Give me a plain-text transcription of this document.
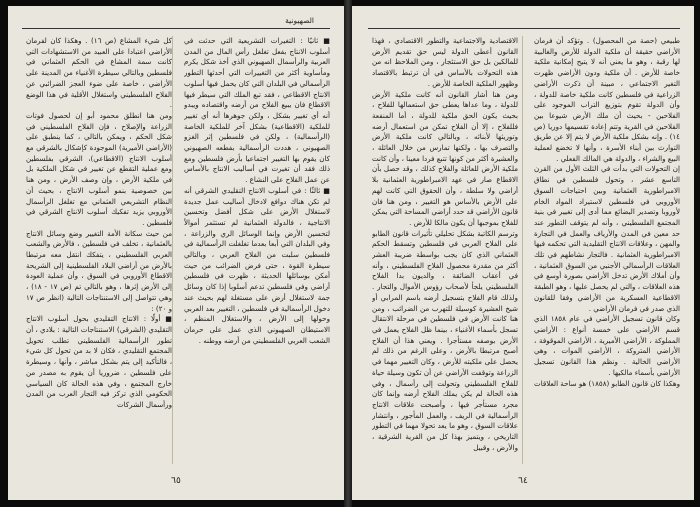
الصهيونية

■ ثانيًا : التغيرات التشريعية التي حدثت في أسلوب الانتاج بفعل تغلغل رأس المال من المدن العربية والرأسمال الصهيوني الذي أخذ شكل يكرم ومأساوية أكثر من التغييرات التي أحدثها التطور الرأسمالي في البلدان التي كان يحمل فيها أسلوب الانتاج الاقطاعي ، فقد تبع الملك التي سيطر فيها الاقطاع فان يبيع الفلاح من أرضه واقتصاده ويبدو أنه أي تغيير بشكل ، ولكن جوهرها أنه أي تغيير للملكية (الاقطاعية) بشكل آخر للملكية الخاصة (الرأسمالية) ، ولكن في فلسطين إثر الغزو الصهيوني ، هددت الرأسمالية بفطعه الصهيوني كان يقوم بها التغيير اجتماعيا بأرض فلسطين ومع ذلك فقد أن تغيرت في أساليب الانتاج بالأساس عن عمل الفلاح على النشاع .
■ ثالثًا : في أسلوب الانتاج التقليدي الشرقي أنه لم تكن هناك دوافع لادخال أساليب عمل جديدة لاستغلال الأرض على شكل أفضل وتحسين الانتاجية ، فالدولة العثمانية لم تستثمر أموالاً لتحسين الأرض وإنما الوسائل الري والزراعة ، وفي البلدان التي أبعا بعدما تغلغلت الرأسمالية في فلسطين سلبت من الفلاح العربي ، وبالتالي سيطرة القوة ، حتى فرض الضرائب من حيث أمكن بوسائلها الحديثة ، ظهرت في فلسطين أراضي وفي فلسطين تدعم أسلوبا إذا كان وسائل جمة لاستغلال أرض على مستغلة لهم بحيث عند دخول الرأسمالية في فلسطين ، التغيير بعد العربي وحولها إلى الأرض ، والاستغلال المنظم ، الاستيطان الصهيوني الذي عمل على حرمان الشعب العربي الفلسطيني من أرضه ووطنه .

كل شيء المشاع (ص ١٦) . وهكذا كان لفرمان الأراضي اعتبادا على العبيد من الاستشهادات التي كانت سمة المشاع في الحكم العثماني في فلسطين وبالتالي سيطرة الأغنياء من المدينة على الأراضي ، خاصة على ضوء العجز الضرائبي عن الفلاح الفلسطيني واستغلال الأقلية في هذا الوضع .
ومن هنا انطلق محمود أبو إن لحصول فوتات الزراعة والإصلاح ، فإن الفلاح الفلسطيني في شكل الحكم ، ويمكن بالتالي ، كما ينطبق على (الأراضي الأميرية) الموجودة كإشكال بالشرقي مع أسلوب الانتاج (الاقطاعي)، الشرقي بفلسطين ومع عملية التقطع عن تغيير في شكل الملكية بل في ملكية الأرض ، وإن وصف الأرض ، ومن هنا بين خصوصية بنمو أسلوب الانتاج ، بحيث أن النظام التشريعي العثماني مع تغلغل الرأسمال الأوروبي يزيد تفكيك أسلوب الانتاج الشرقي في فلسطين .
من حيث سكانة الأمة التغيير وضع وسائل الانتاج بالعثمانية ، تخلف في فلسطين ، فالأرض والشعب العربي الفلسطيني ، يتفكك انتقل معه مرتبطا بالأرض من أراضي البلاد الفلسطينية إلى الشريحة الاقطاع الأوروبي في السوق ، وأن عملية العودة إلى الأرض إثرها ، وهو بالتالي تم (ص ١٧ - ١٨) ، وهي تتواصل إلى الاستنتاجات التالية (انظر ص ١٧ و ٢٠) :
■ أولًا : الانتاج التقليدي بحول أسلوب الانتاج التقليدي (الشرقي) الاستنتاجات التالية : بلادي ، أن تطور الرأسمالية الفلسطيني تطلب تحويل المجتمع التقليدي ، فكان لا بد من تحول كل شيء ، فالتأكيد إلى يتم بشكل مباشر ، وأنها ، وسيطرة على فلسطين ، ضروريا أن يقوم به مصدر من خارج المجتمع ، وفي هذه الحالة كان السياسي الحكومي الذي تركز فيه التجار العرب من المدن ورأسمال الشركات

٦٥

طبيعي (حصة من المحصول) . وتؤكد أن فرمان الأراضي حقيقة أن ملكية الدولة للأرض والغالبية لها رقبة ، وهو ما يعني أنه لا يتيح إمكانية ملكية خاصة للأرض . أن ملكية ودون الأراضي ظهرت التغير الاجتماعي ، مبينة أن ذكرت الأراضي الزراعية في فلسطين كانت ملكية خاصة للدولة ، وأن الدولة تقوم بتوزيع التراب الموجود على الفلاحين - بحيث أن ملك الأرض شيوعا بين الفلاحين في القرية وتتم إعادة تقسيمها دوريا (ص ١٤) . وإنه بشكل ملكية الأرض لا يتم إلا عن طريق التوارث بين أبناء الأسرة ، وأنها لا تخضع لعملية البيع والشراء ، والدولة هي المالك الفعلي .
إن التحولات التي بدأت في الثلث الأول من القرن التاسع عشر ، وتحول فلسطين في نطاق الامبراطورية العثمانية وبين احتياجات السوق الأوروبي في فلسطين لاستيراد المواد الخام لأوروبا وتصدير البضائع مما أدى إلى تغيير في بنية المجتمع الفلسطيني ، وأنه لم يتوقف التطور عند حد معين في المدن والأرياف والعمل في التجارة والمهن ، وعلاقات الانتاج التقليدية التي تحكمه فيها الامبراطورية العثمانية . فالتجار نشاطهم في تلك العلاقات الرأسمالي الأجنبي من السوق العثمانية ، وأن أملاك الأرض تدخل الأراضي بصورة أوسع في هذه العلاقات ، والتي لم يحصل عليها ، وهو الطبقة الاقطاعية العسكرية من الأراضي وفقا للقانون الذي صدر في فرمان الأراضي .
وكان قانون تسجيل الأراضي في عام ١٨٥٨ الذي قسم الأراضي على خمسة أنواع : الأراضي المملوكة ، الأراضي الأميرية ، الأراضي الموقوفة ، الأراضي المتروكة ، الأراضي الموات ، وهي الأراضي الخالية . ونظم هذا القانون تسجيل الأراضي بأسماء مالكيها .
وهكذا كان قانون الطابو (١٨٥٨) هو ساحة العلاقات

الاقتصادية والاجتماعية والتطور الاقتصادي ، فهذا القانون أعطى الدولة ليس حق تقديم الأرض للمالكين بل حق الاستئجار ، ومن الملاحظ انه من هذه التحولات بالأساس في أن ترتبط بالاقتصاد وظهور الملكية الخاصة للأرض .
ومن هنا أشار القانون أنه كانت ملكية الأرض للدولة ، وما عداها يعطى حق استعمالها للفلاح ، بحيث يكون الحق ملكية للدولة ، أما المنفعة فللفلاح ، إلا أن الفلاح تمكن من استعمال أرضه وتوريثها لأبنائه ، وبالتالي كانت ملكية الأرض والتصرف بها ، ولكنها تمارس من خلال العائلة ، والعشيرة أكثر من كونها تتبع فردا معينا ، وأن كانت ملكية الأرض للعائلة والفلاح كذلك ، وقد حصل بأن الاقطاع صار في عهد الامبراطورية العثمانية بلا أراضي ولا سلطة ، وأن الحقوق التي كانت لهم على الأرض بالأساس هو التغيير ، ومن هنا فان قانون الأراضي قد حدد أراضي المساحة التي يمكن للفلاح بموجبها أن يكون مالكا للأرض .
وترسم الكاتبة بشكل تحليلي تأثيرات قانون الطابو على الفلاح العربي في فلسطين وتسقط الحكم العثماني الذي كان يجب بواسطة ضريبة العشر أكثر من مقدرة محصول الفلاح الفلسطيني ، وأنه في أعقاب الضائقة ، والديون بدا الفلاح الفلسطيني يلجأ لأصحاب رؤوس الأموال والتجار . ولذلك قام الفلاح بتسجيل أرضه باسم المرابي أو شيخ العشيرة كوسيلة للتهرب من الضرائب ، ومن هنا كانت الأرض في فلسطين في مرحلة الانتقال تسجل بأسماء الأغنياء ، بينما ظل الفلاح يعمل في الأرض بوصفه مستأجرا . ويعني هذا أن الفلاح أصبح مرتبطا بالأرض ، وعلى الرغم من ذلك لم يحصل على ملكيته للأرض ، وكان التغيير مهما في الزراعة وتوقفت الأراضي عن أن تكون وسيلة حياة للفلاح الفلسطيني وتحولت إلى رأسمال ، وفي هذه الحالة لم يكن يملك الفلاح أرضه وإنما كان مجرد مستأجر فيها ، وأصبحت علاقات الانتاج الرأسمالية في الريف ، والعمل المأجور ، وانتشار علاقات السوق ، وهو ما يعد تحولا مهما في التطور التاريخي ، ويتميز بهذا كل من القرية الشرقية ، والأرض ، وقبيل

٦٤
